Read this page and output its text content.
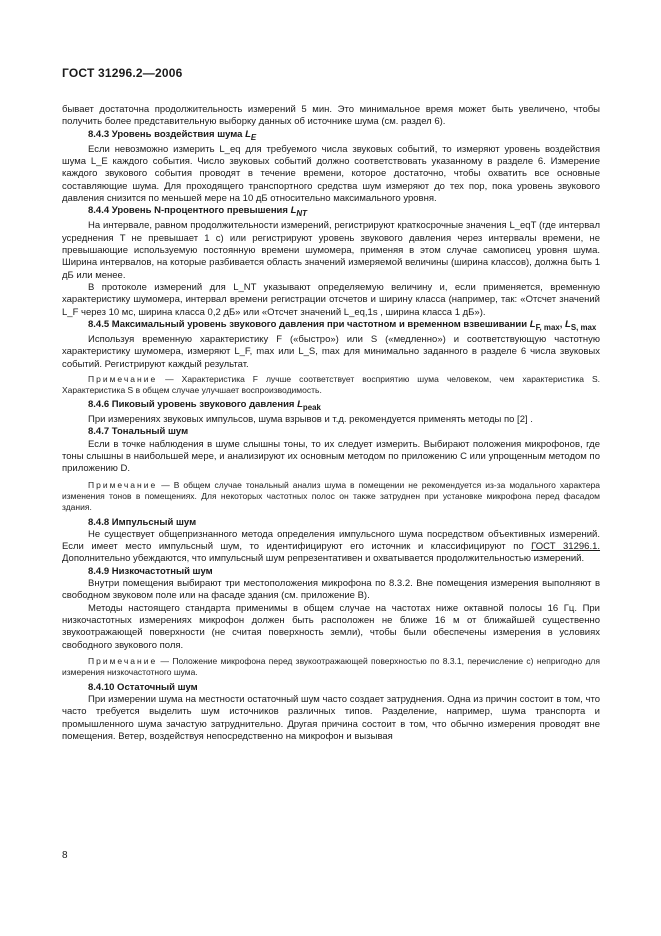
ГОСТ 31296.2—2006

бывает достаточна продолжительность измерений 5 мин. Это минимальное время может быть увеличено, чтобы получить более представительную выборку данных об источнике шума (см. раздел 6).

8.4.3 Уровень воздействия шума $L_E$

Если невозможно измерить L_eq для требуемого числа звуковых событий, то измеряют уровень воздействия шума L_E каждого события. Число звуковых событий должно соответствовать указанному в разделе 6. Измерение каждого звукового события проводят в течение времени, которое достаточно, чтобы охватить все основные составляющие шума. Для проходящего транспортного средства шум измеряют до тех пор, пока уровень звукового давления снизится по меньшей мере на 10 дБ относительно максимального уровня.

8.4.4 Уровень N-процентного превышения $L_{NT}$

На интервале, равном продолжительности измерений, регистрируют краткосрочные значения L_eqT (где интервал усреднения T не превышает 1 с) или регистрируют уровень звукового давления через интервалы времени, не превышающие используемую постоянную времени шумомера, применяя в этом случае самописец уровня шума. Ширина интервалов, на которые разбивается область значений измеряемой величины (ширина классов), должна быть 1 дБ или менее.

В протоколе измерений для L_NT указывают определяемую величину и, если применяется, временную характеристику шумомера, интервал времени регистрации отсчетов и ширину класса (например, так: «Отсчет значений L_F через 10 мс, ширина класса 0,2 дБ» или «Отсчет значений L_eq,1s , ширина класса 1 дБ»).

8.4.5 Максимальный уровень звукового давления при частотном и временном взвешивании $L_{F, max}$, $L_{S, max}$

Используя временную характеристику F («быстро») или S («медленно») и соответствующую частотную характеристику шумомера, измеряют L_F, max или L_S, max для минимально заданного в разделе 6 числа звуковых событий. Регистрируют каждый результат.

Примечание — Характеристика F лучше соответствует восприятию шума человеком, чем характеристика S. Характеристика S в общем случае улучшает воспроизводимость.

8.4.6 Пиковый уровень звукового давления $L_{peak}$

При измерениях звуковых импульсов, шума взрывов и т.д. рекомендуется применять методы по [2] .

8.4.7 Тональный шум

Если в точке наблюдения в шуме слышны тоны, то их следует измерить. Выбирают положения микрофонов, где тоны слышны в наибольшей мере, и анализируют их основным методом по приложению С или упрощенным методом по приложению D.

Примечание — В общем случае тональный анализ шума в помещении не рекомендуется из-за модального характера изменения тонов в помещениях. Для некоторых частотных полос он также затруднен при установке микрофона перед фасадом здания.

8.4.8 Импульсный шум

Не существует общепризнанного метода определения импульсного шума посредством объективных измерений. Если имеет место импульсный шум, то идентифицируют его источник и классифицируют по ГОСТ 31296.1. Дополнительно убеждаются, что импульсный шум репрезентативен и охватывается продолжительностью измерений.

8.4.9 Низкочастотный шум

Внутри помещения выбирают три местоположения микрофона по 8.3.2. Вне помещения измерения выполняют в свободном звуковом поле или на фасаде здания (см. приложение В).

Методы настоящего стандарта применимы в общем случае на частотах ниже октавной полосы 16 Гц. При низкочастотных измерениях микрофон должен быть расположен не ближе 16 м от ближайшей существенно звукоотражающей поверхности (не считая поверхность земли), чтобы были обеспечены измерения в условиях свободного звукового поля.

Примечание — Положение микрофона перед звукоотражающей поверхностью по 8.3.1, перечисление с) непригодно для измерения низкочастотного шума.

8.4.10 Остаточный шум

При измерении шума на местности остаточный шум часто создает затруднения. Одна из причин состоит в том, что часто требуется выделить шум источников различных типов. Разделение, например, шума транспорта и промышленного шума зачастую затруднительно. Другая причина состоит в том, что обычно измерения проводят вне помещения. Ветер, воздействуя непосредственно на микрофон и вызывая

8
